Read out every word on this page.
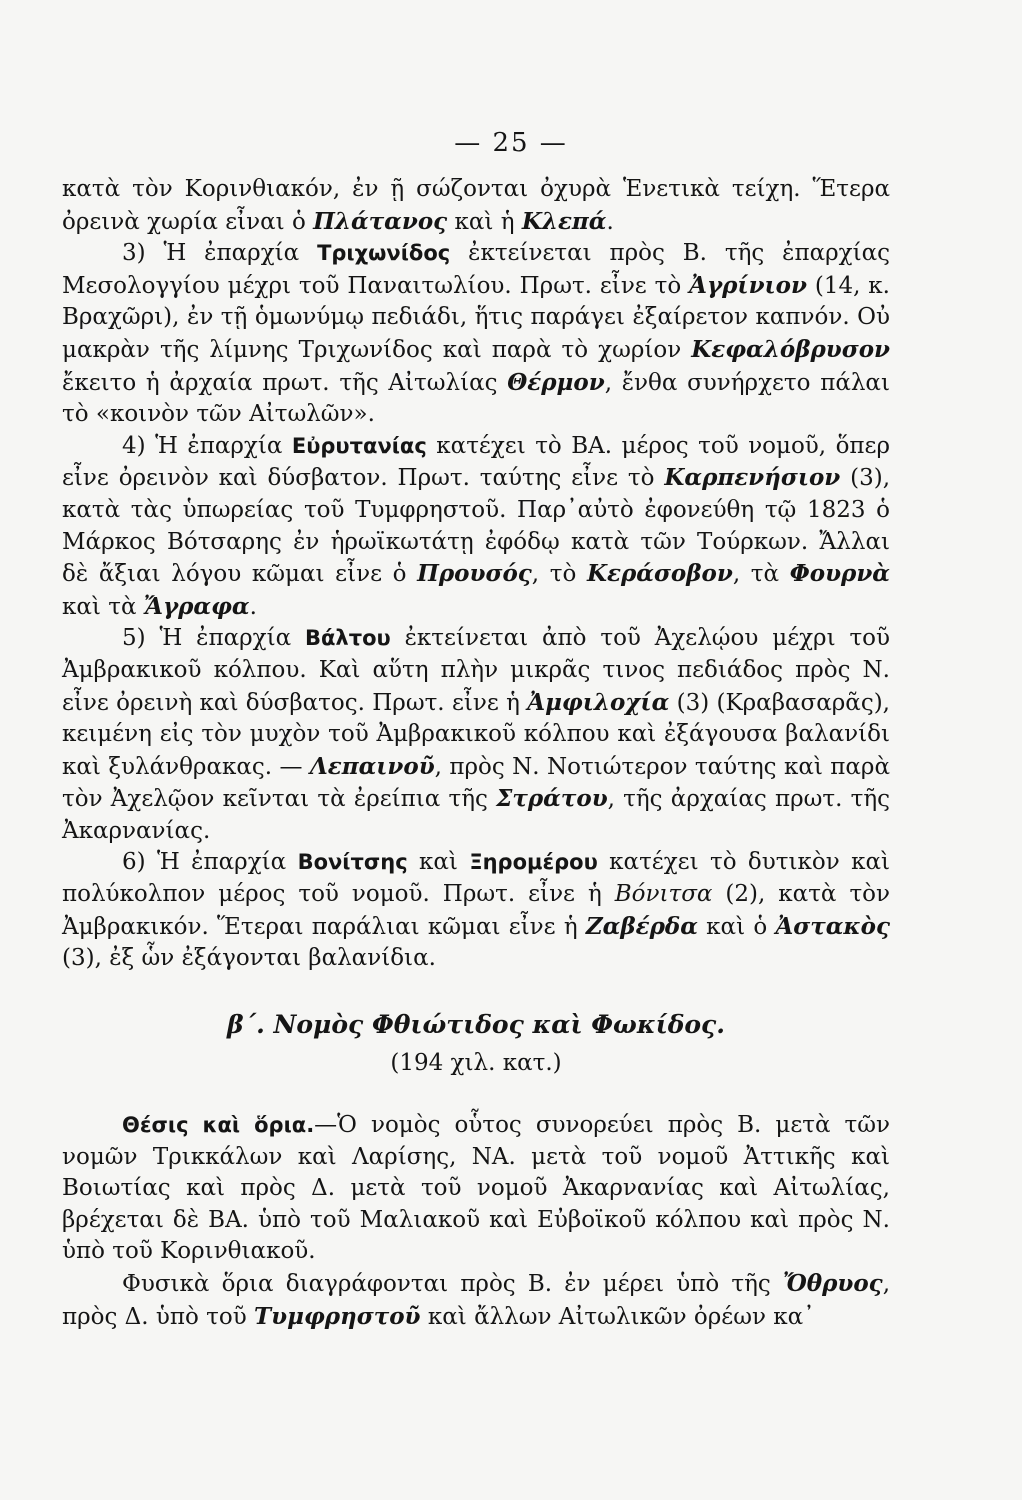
— 25 —

κατὰ τὸν Κορινθιακόν, ἐν ῇ σώζονται ὀχυρὰ Ἑνετικὰ τείχη. Ἕτερα ὀρεινὰ χωρία εἶναι ὁ Πλάτανος καὶ ἡ Κλεπά.

3) Ἡ ἐπαρχία Τριχωνίδος ἐκτείνεται πρὸς Β. τῆς ἐπαρχίας Μεσολογγίου μέχρι τοῦ Παναιτωλίου. Πρωτ. εἶνε τὸ Ἀγρίνιον (14, κ. Βραχῶρι), ἐν τῇ ὁμωνύμῳ πεδιάδι, ἥτις παράγει ἐξαίρετον καπνόν. Οὐ μακρὰν τῆς λίμνης Τριχωνίδος καὶ παρὰ τὸ χωρίον Κεφαλόβρυσον ἔκειτο ἡ ἀρχαία πρωτ. τῆς Αἰτωλίας Θέρμον, ἔνθα συνήρχετο πάλαι τὸ «κοινὸν τῶν Αἰτωλῶν».

4) Ἡ ἐπαρχία Εὐρυτανίας κατέχει τὸ ΒΑ. μέρος τοῦ νομοῦ, ὅπερ εἶνε ὀρεινὸν καὶ δύσβατον. Πρωτ. ταύτης εἶνε τὸ Καρπενήσιον (3), κατὰ τὰς ὑπωρείας τοῦ Τυμφρηστοῦ. Παρ᾽αὐτὸ ἐφονεύθη τῷ 1823 ὁ Μάρκος Βότσαρης ἐν ἡρωϊκωτάτῃ ἐφόδῳ κατὰ τῶν Τούρκων. Ἄλλαι δὲ ἄξιαι λόγου κῶμαι εἶνε ὁ Προυσός, τὸ Κεράσοβον, τὰ Φουρνὰ καὶ τὰ Ἄγραφα.

5) Ἡ ἐπαρχία Βάλτου ἐκτείνεται ἀπὸ τοῦ Ἀχελῴου μέχρι τοῦ Ἀμβρακικοῦ κόλπου. Καὶ αὕτη πλὴν μικρᾶς τινος πεδιάδος πρὸς Ν. εἶνε ὀρεινὴ καὶ δύσβατος. Πρωτ. εἶνε ἡ Ἀμφιλοχία (3) (Κραβασαρᾶς), κειμένη εἰς τὸν μυχὸν τοῦ Ἀμβρακικοῦ κόλπου καὶ ἐξάγουσα βαλανίδι καὶ ξυλάνθρακας. — Λεπαινοῦ, πρὸς Ν. Νοτιώτερον ταύτης καὶ παρὰ τὸν Ἀχελῷον κεῖνται τὰ ἐρείπια τῆς Στράτου, τῆς ἀρχαίας πρωτ. τῆς Ἀκαρνανίας.

6) Ἡ ἐπαρχία Βονίτσης καὶ Ξηρομέρου κατέχει τὸ δυτικὸν καὶ πολύκολπον μέρος τοῦ νομοῦ. Πρωτ. εἶνε ἡ Βόνιτσα (2), κατὰ τὸν Ἀμβρακικόν. Ἕτεραι παράλιαι κῶμαι εἶνε ἡ Ζαβέρδα καὶ ὁ Ἀστακὸς (3), ἐξ ὧν ἐξάγονται βαλανίδια.

β΄. Νομὸς Φθιώτιδος καὶ Φωκίδος.

(194 χιλ. κατ.)

Θέσις καὶ ὅρια.—Ὁ νομὸς οὗτος συνορεύει πρὸς Β. μετὰ τῶν νομῶν Τρικκάλων καὶ Λαρίσης, ΝΑ. μετὰ τοῦ νομοῦ Ἀττικῆς καὶ Βοιωτίας καὶ πρὸς Δ. μετὰ τοῦ νομοῦ Ἀκαρνανίας καὶ Αἰτωλίας, βρέχεται δὲ ΒΑ. ὑπὸ τοῦ Μαλιακοῦ καὶ Εὐβοϊκοῦ κόλπου καὶ πρὸς Ν. ὑπὸ τοῦ Κορινθιακοῦ.

Φυσικὰ ὅρια διαγράφονται πρὸς Β. ἐν μέρει ὑπὸ τῆς Ὄθρυος, πρὸς Δ. ὑπὸ τοῦ Τυμφρηστοῦ καὶ ἄλλων Αἰτωλικῶν ὀρέων κα᾽
